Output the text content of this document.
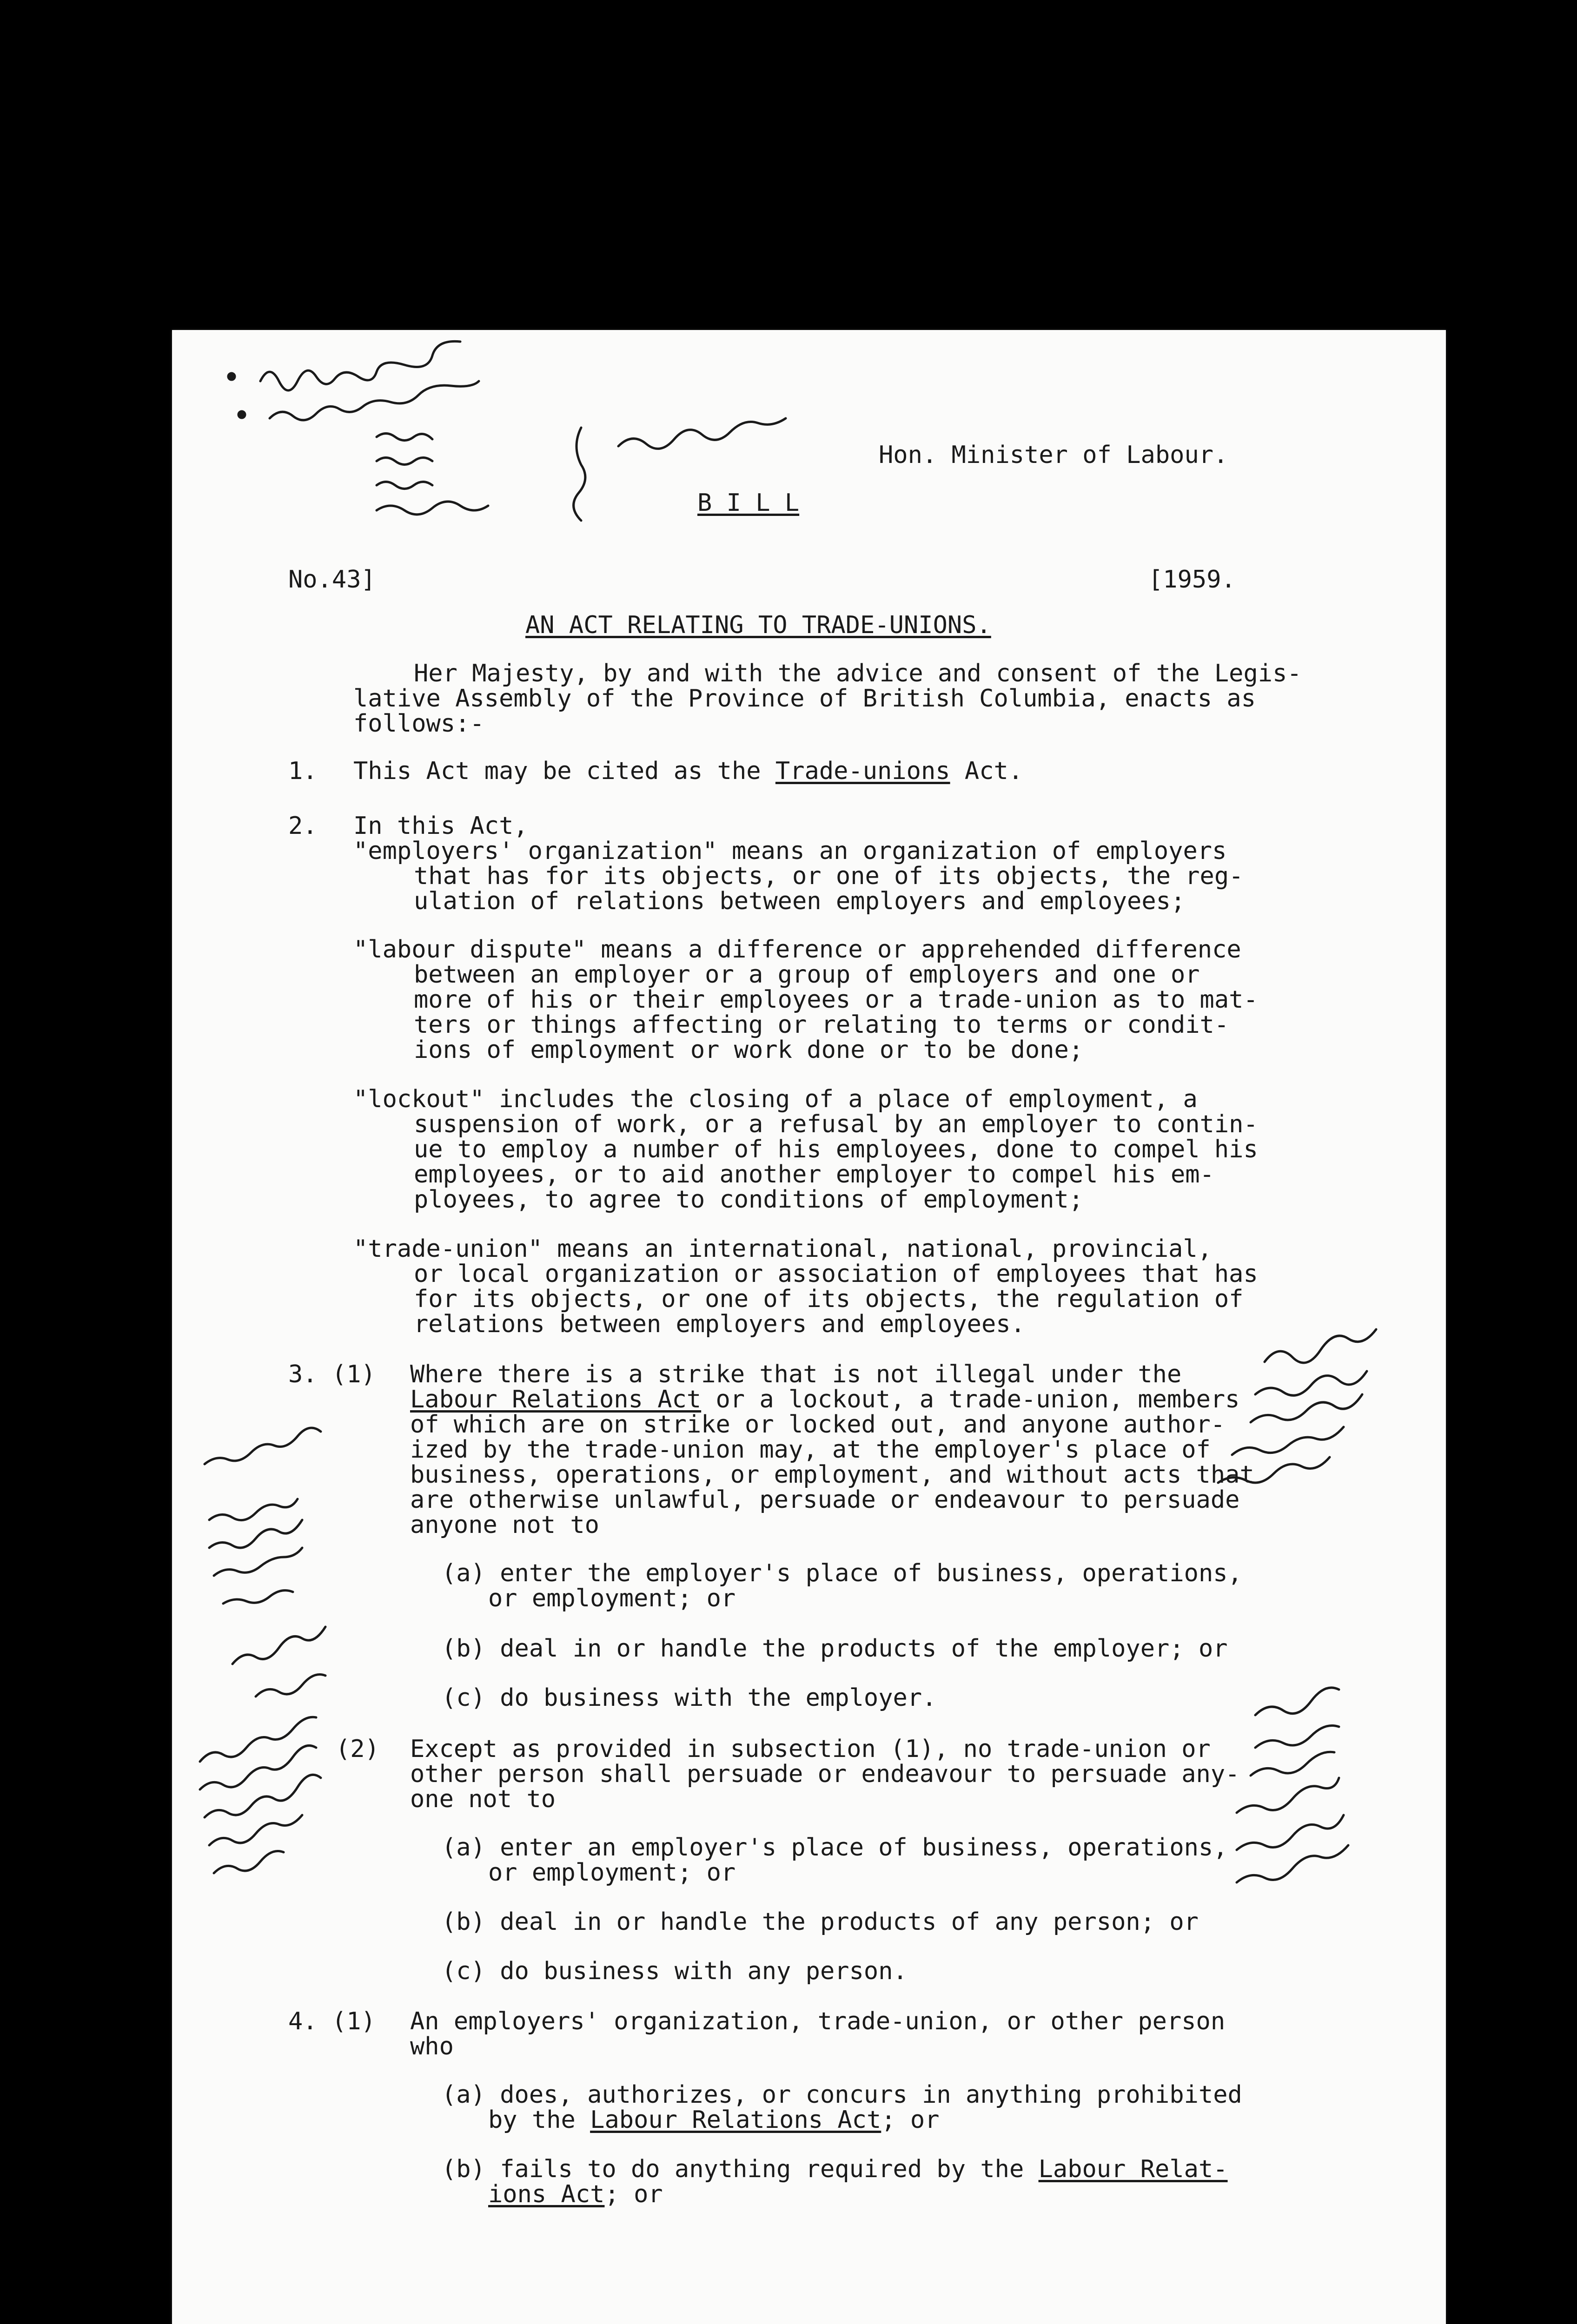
Hon. Minister of Labour.
B I L L
No.43]	[1959.
AN ACT RELATING TO TRADE-UNIONS.
Her Majesty, by and with the advice and consent of the Legis-
lative Assembly of the Province of British Columbia, enacts as
follows:-
1. This Act may be cited as the Trade-unions Act.
2. In this Act,
"employers' organization" means an organization of employers
that has for its objects, or one of its objects, the reg-
ulation of relations between employers and employees;
"labour dispute" means a difference or apprehended difference
between an employer or a group of employers and one or
more of his or their employees or a trade-union as to mat-
ters or things affecting or relating to terms or condit-
ions of employment or work done or to be done;
"lockout" includes the closing of a place of employment, a
suspension of work, or a refusal by an employer to contin-
ue to employ a number of his employees, done to compel his
employees, or to aid another employer to compel his em-
ployees, to agree to conditions of employment;
"trade-union" means an international, national, provincial,
or local organization or association of employees that has
for its objects, or one of its objects, the regulation of
relations between employers and employees.
3. (1) Where there is a strike that is not illegal under the
Labour Relations Act or a lockout, a trade-union, members
of which are on strike or locked out, and anyone author-
ized by the trade-union may, at the employer's place of
business, operations, or employment, and without acts that
are otherwise unlawful, persuade or endeavour to persuade
anyone not to
(a) enter the employer's place of business, operations,
or employment; or
(b) deal in or handle the products of the employer; or
(c) do business with the employer.
(2) Except as provided in subsection (1), no trade-union or
other person shall persuade or endeavour to persuade any-
one not to
(a) enter an employer's place of business, operations,
or employment; or
(b) deal in or handle the products of any person; or
(c) do business with any person.
4. (1) An employers' organization, trade-union, or other person
who
(a) does, authorizes, or concurs in anything prohibited
by the Labour Relations Act; or
(b) fails to do anything required by the Labour Relat-
ions Act; or
